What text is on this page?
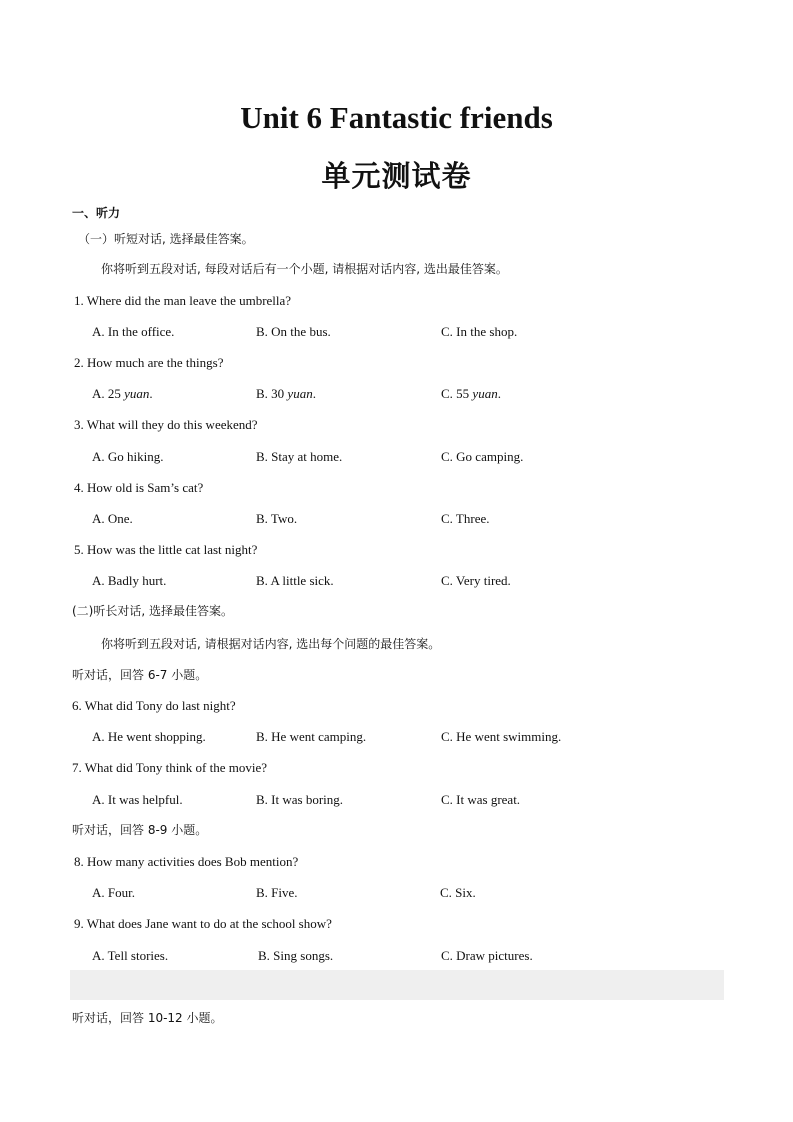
Unit 6 Fantastic friends
单元测试卷
一、听力
（一）听短对话, 选择最佳答案。
你将听到五段对话, 每段对话后有一个小题, 请根据对话内容, 选出最佳答案。
1. Where did the man leave the umbrella?
A. In the office.	B. On the bus.	C. In the shop.
2. How much are the things?
A. 25 yuan.	B. 30 yuan.	C. 55 yuan.
3. What will they do this weekend?
A. Go hiking.	B. Stay at home.	C. Go camping.
4. How old is Sam’s cat?
A. One.	B. Two.	C. Three.
5. How was the little cat last night?
A. Badly hurt.	B. A little sick.	C. Very tired.
(二)听长对话, 选择最佳答案。
你将听到五段对话, 请根据对话内容, 选出每个问题的最佳答案。
听对话，回答 6-7 小题。
6. What did Tony do last night?
A. He went shopping.	B. He went camping.	C. He went swimming.
7. What did Tony think of the movie?
A. It was helpful.	B. It was boring.	C. It was great.
听对话，回答 8-9 小题。
8. How many activities does Bob mention?
A. Four.	B. Five.	C. Six.
9. What does Jane want to do at the school show?
A. Tell stories.	B. Sing songs.	C. Draw pictures.
听对话，回答 10-12 小题。
